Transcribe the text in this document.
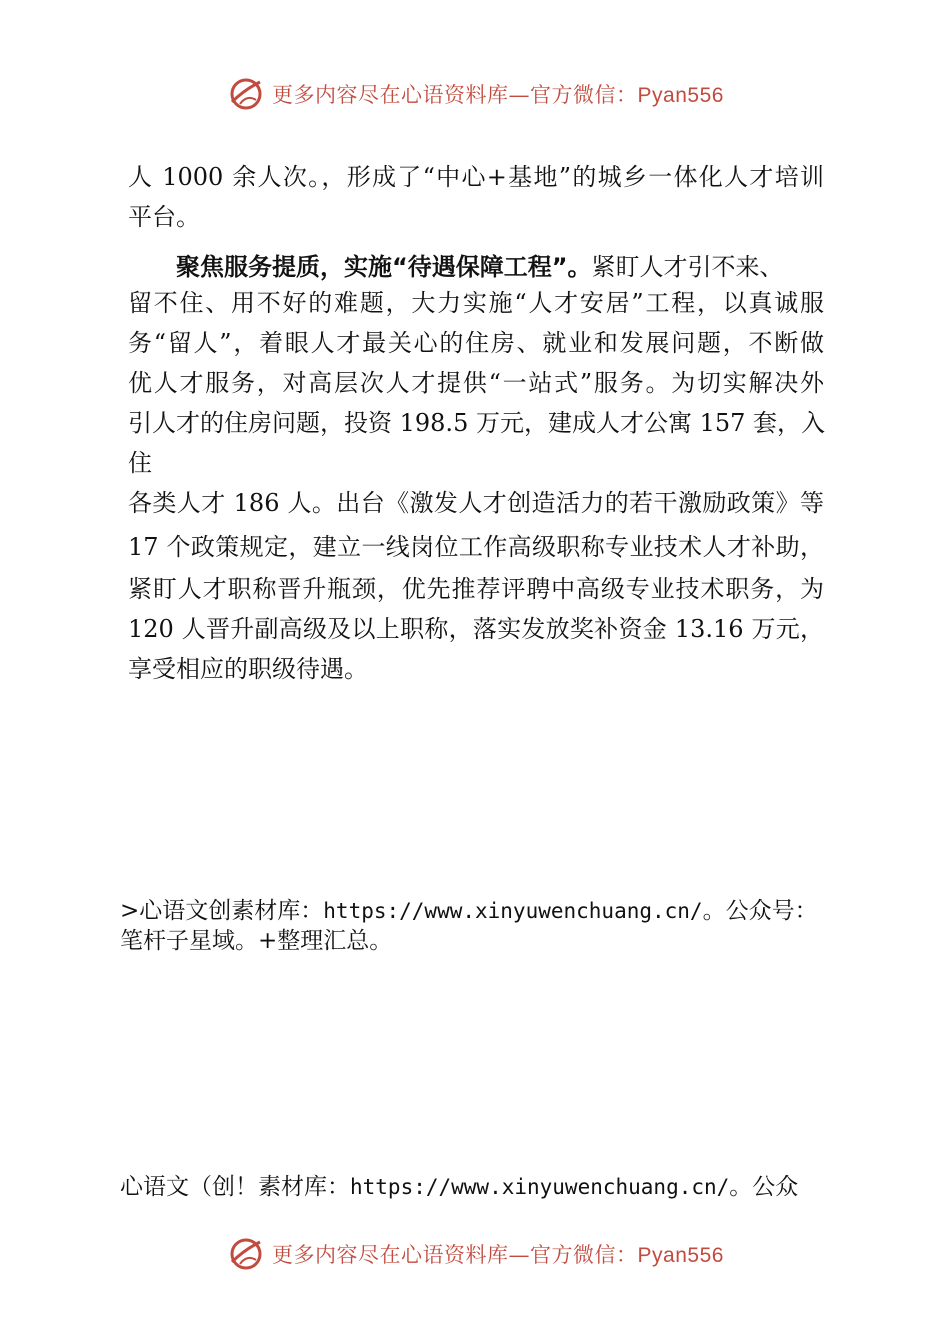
更多内容尽在心语资料库—官方微信：Pyan556
人 1000 余人次。，形成了“中心+基地”的城乡一体化人才培训
平台。
聚焦服务提质，实施“待遇保障工程”。紧盯人才引不来、
留不住、用不好的难题，大力实施“人才安居”工程，以真诚服
务“留人”，着眼人才最关心的住房、就业和发展问题，不断做
优人才服务，对高层次人才提供“一站式”服务。为切实解决外
引人才的住房问题，投资 198.5 万元，建成人才公寓 157 套，入
住
各类人才 186 人。出台《激发人才创造活力的若干激励政策》等
17 个政策规定，建立一线岗位工作高级职称专业技术人才补助，
紧盯人才职称晋升瓶颈，优先推荐评聘中高级专业技术职务，为
120 人晋升副高级及以上职称，落实发放奖补资金 13.16 万元，
享受相应的职级待遇。
>心语文创素材库：https://www.xinyuwenchuang.cn/。公众号：
笔杆子星域。+整理汇总。
心语文（创！素材库：https://www.xinyuwenchuang.cn/。公众
更多内容尽在心语资料库—官方微信：Pyan556
